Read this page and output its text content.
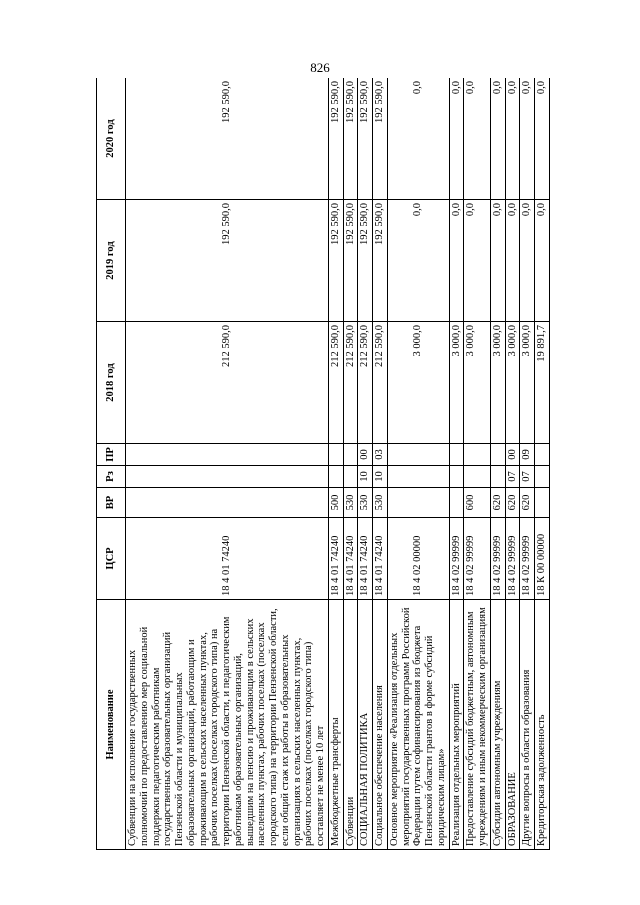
826
Наименование	ЦСР	ВР	Рз	ПР	2018 год	2019 год	2020 год
Субвенции на исполнение государственных полномочий по предоставлению мер социальной поддержки педагогическим работникам государственных образовательных организаций Пензенской области и муниципальных образовательных организаций, работающим и проживающим в сельских населенных пунктах, рабочих поселках (поселках городского типа) на территории Пензенской области, и педагогическим работникам образовательных организаций, вышедшим на пенсию и проживающим в сельских населенных пунктах, рабочих поселках (поселках городского типа) на территории Пензенской области, если общий стаж их работы в образовательных организациях в сельских населенных пунктах, рабочих поселках (поселках городского типа) составляет не менее 10 лет	18 4 01 74240				212 590,0	192 590,0	192 590,0
Межбюджетные трансферты	18 4 01 74240	500			212 590,0	192 590,0	192 590,0
Субвенции	18 4 01 74240	530			212 590,0	192 590,0	192 590,0
СОЦИАЛЬНАЯ ПОЛИТИКА	18 4 01 74240	530	10	00	212 590,0	192 590,0	192 590,0
Социальное обеспечение населения	18 4 01 74240	530	10	03	212 590,0	192 590,0	192 590,0
Основное мероприятие «Реализация отдельных мероприятий государственных программ Российской Федерации путем софинансирования из бюджета Пензенской области грантов в форме субсидий юридическим лицам»	18 4 02 00000				3 000,0	0,0	0,0
Реализация отдельных мероприятий	18 4 02 99999				3 000,0	0,0	0,0
Предоставление субсидий бюджетным, автономным учреждениям и иным некоммерческим организациям	18 4 02 99999	600			3 000,0	0,0	0,0
Субсидии автономным учреждениям	18 4 02 99999	620			3 000,0	0,0	0,0
ОБРАЗОВАНИЕ	18 4 02 99999	620	07	00	3 000,0	0,0	0,0
Другие вопросы в области образования	18 4 02 99999	620	07	09	3 000,0	0,0	0,0
Кредиторская задолженность	18 К 00 00000				19 891,7	0,0	0,0
